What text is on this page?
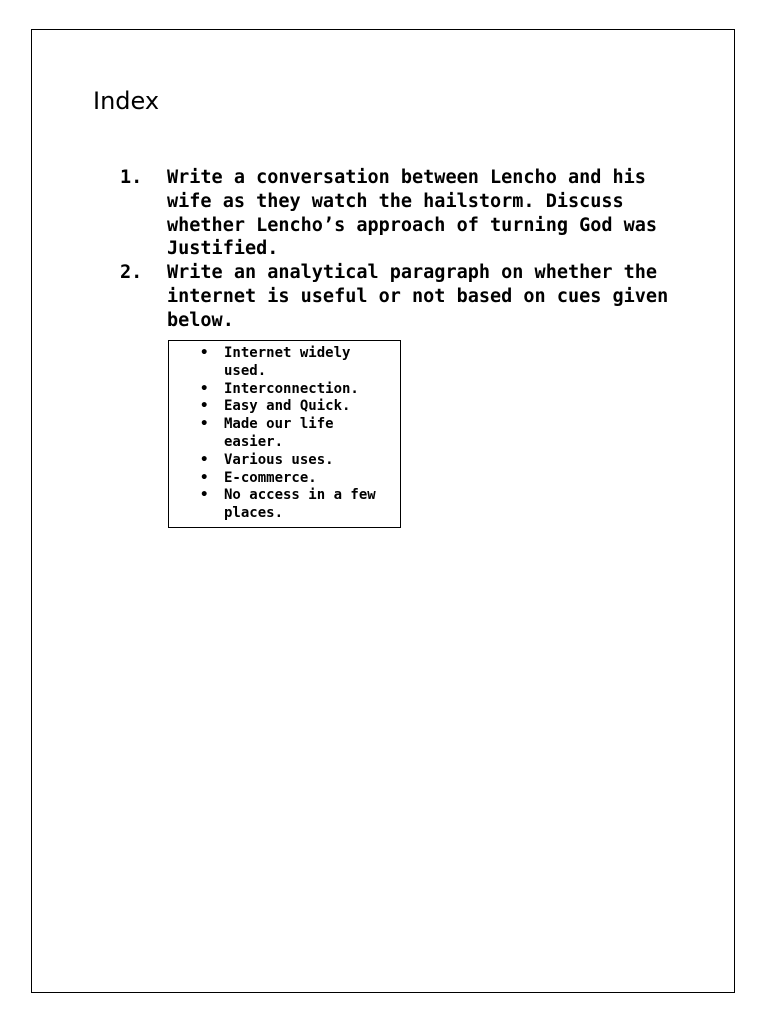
Index
1.	Write a conversation between Lencho and his wife as they watch the hailstorm. Discuss whether Lencho’s approach of turning God was Justified.
2.	Write an analytical paragraph on whether the internet is useful or not based on cues given below.
•	Internet widely used.
•	Interconnection.
•	Easy and Quick.
•	Made our life easier.
•	Various uses.
•	E-commerce.
•	No access in a few places.
